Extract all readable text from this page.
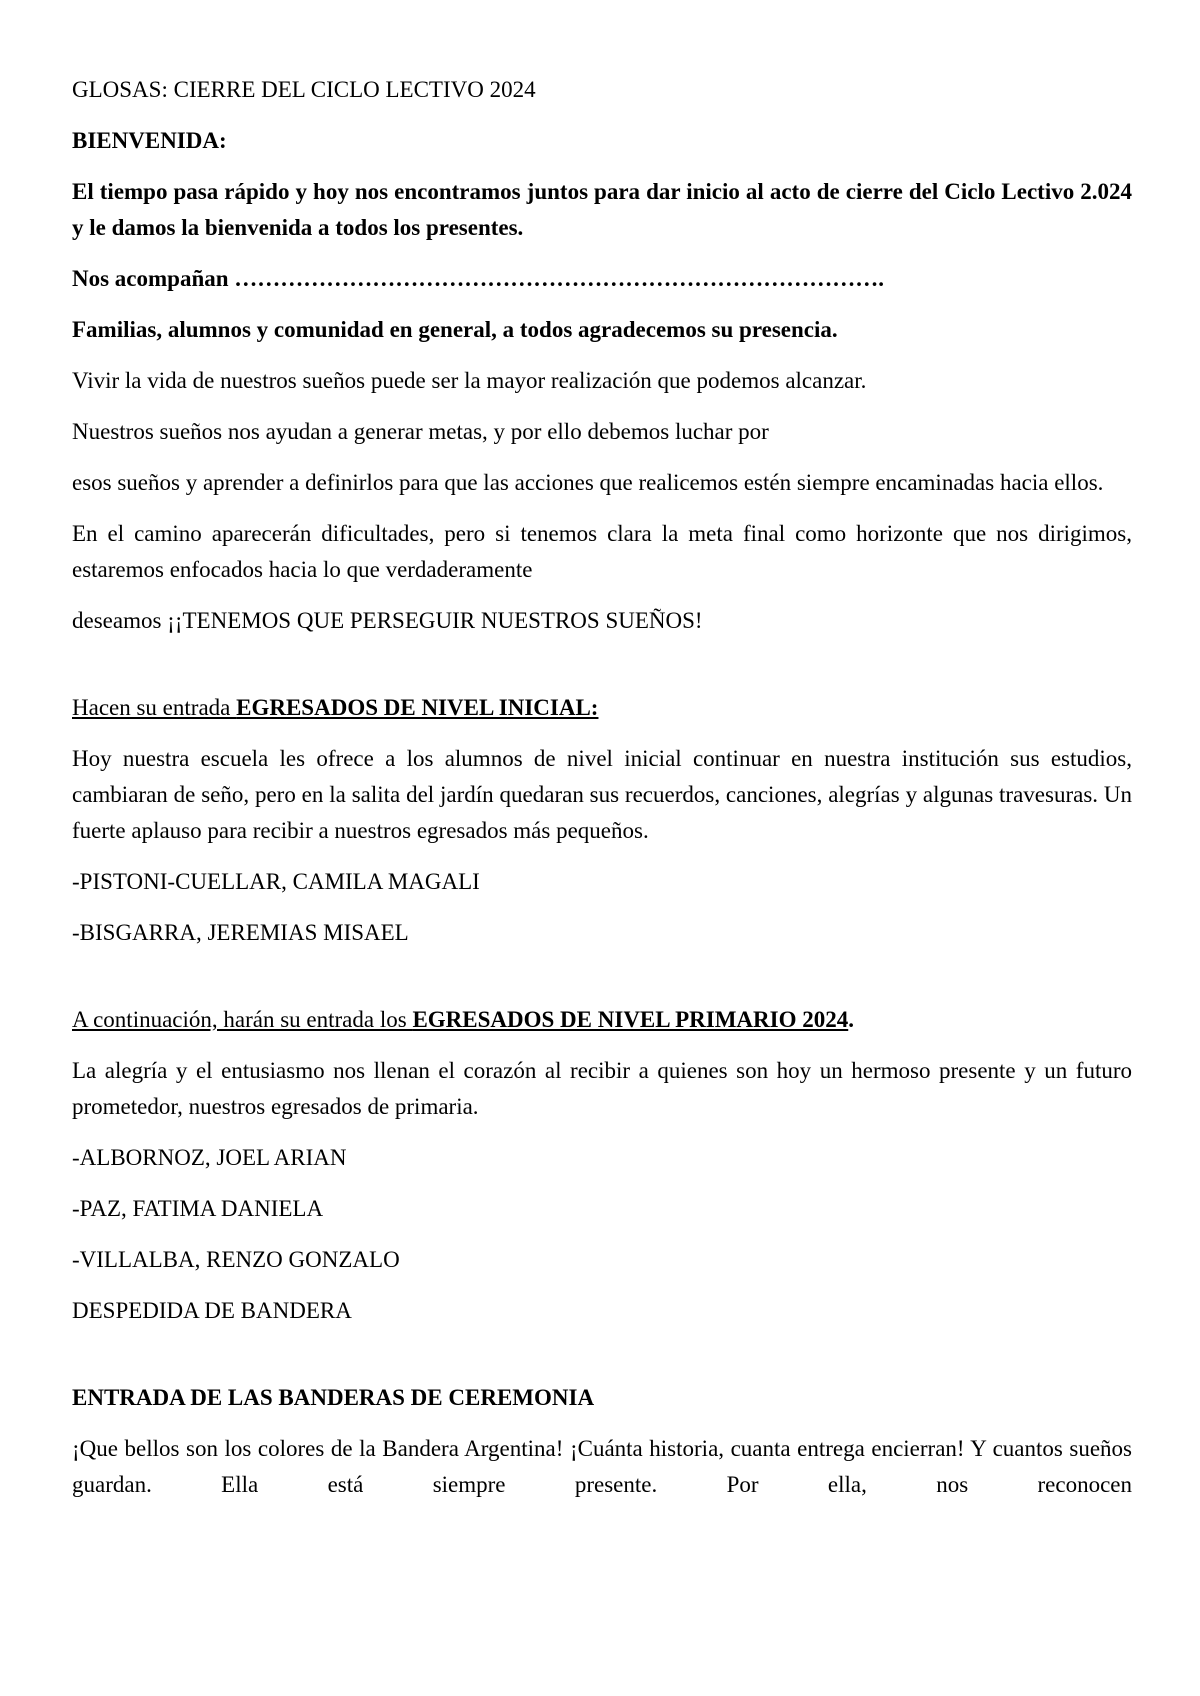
GLOSAS: CIERRE DEL CICLO LECTIVO 2024

BIENVENIDA:

El tiempo pasa rápido y hoy nos encontramos juntos para dar inicio al acto de cierre del Ciclo Lectivo 2.024 y le damos la bienvenida a todos los presentes.

Nos acompañan ………………………………………………………………………….

Familias, alumnos y comunidad en general, a todos agradecemos su presencia.

Vivir la vida de nuestros sueños puede ser la mayor realización que podemos alcanzar.

Nuestros sueños nos ayudan a generar metas, y por ello debemos luchar por

esos sueños y aprender a definirlos para que las acciones que realicemos estén siempre encaminadas hacia ellos.

En el camino aparecerán dificultades, pero si tenemos clara la meta final como horizonte que nos dirigimos, estaremos enfocados hacia lo que verdaderamente

deseamos ¡¡TENEMOS QUE PERSEGUIR NUESTROS SUEÑOS!

Hacen su entrada EGRESADOS DE NIVEL INICIAL:

Hoy nuestra escuela les ofrece a los alumnos de nivel inicial continuar en nuestra institución sus estudios, cambiaran de seño, pero en la salita del jardín quedaran sus recuerdos, canciones, alegrías y algunas travesuras. Un fuerte aplauso para recibir a nuestros egresados más pequeños.

-PISTONI-CUELLAR, CAMILA MAGALI

-BISGARRA, JEREMIAS MISAEL

A continuación, harán su entrada los EGRESADOS DE NIVEL PRIMARIO 2024.

La alegría y el entusiasmo nos llenan el corazón al recibir a quienes son hoy un hermoso presente y un futuro prometedor, nuestros egresados de primaria.

-ALBORNOZ, JOEL ARIAN

-PAZ, FATIMA DANIELA

-VILLALBA, RENZO GONZALO

DESPEDIDA DE BANDERA

ENTRADA DE LAS BANDERAS DE CEREMONIA

¡Que bellos son los colores de la Bandera Argentina! ¡Cuánta historia, cuanta entrega encierran! Y cuantos sueños guardan. Ella está siempre presente. Por ella, nos reconocen
